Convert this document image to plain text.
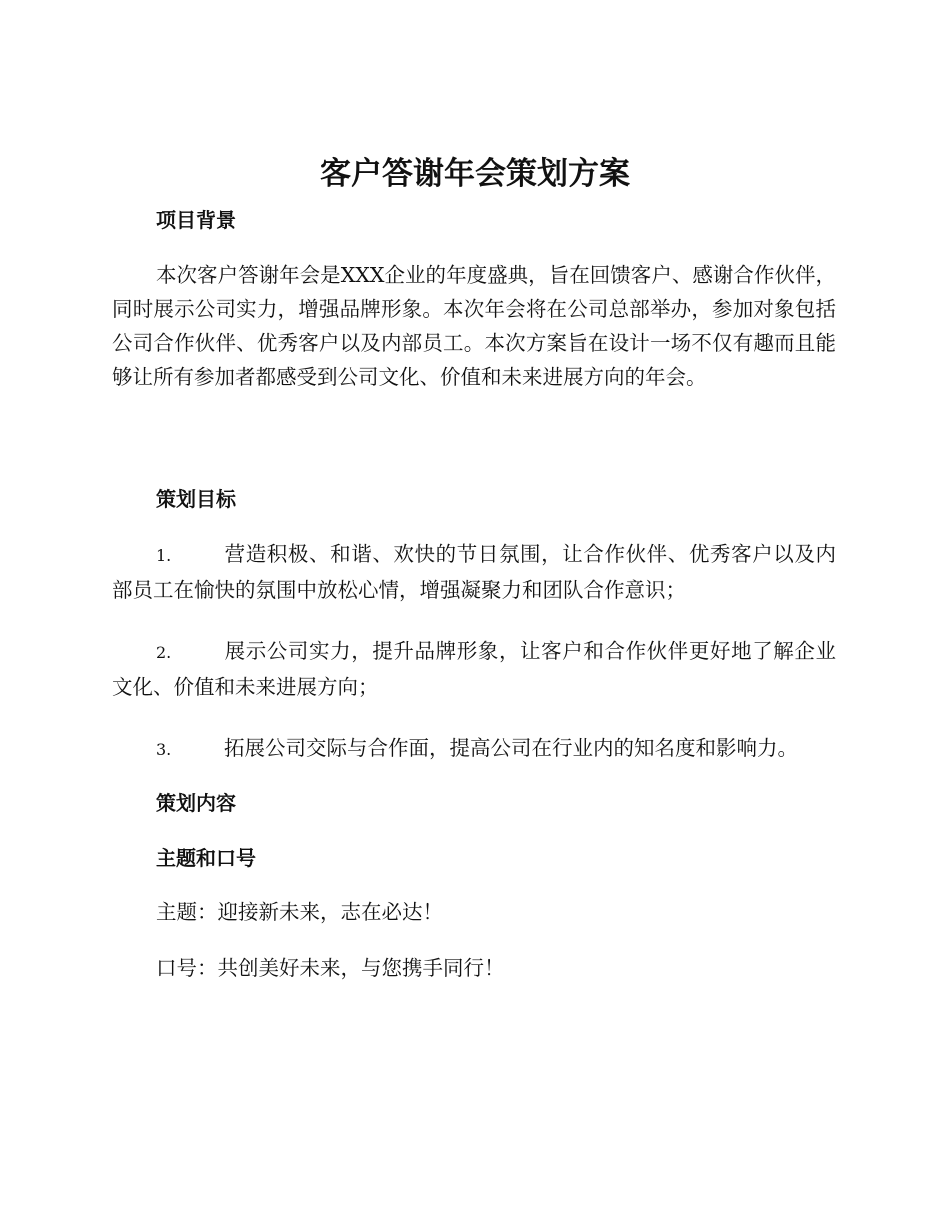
客户答谢年会策划方案
项目背景

本次客户答谢年会是XXX企业的年度盛典，旨在回馈客户、感谢合作伙伴，同时展示公司实力，增强品牌形象。本次年会将在公司总部举办，参加对象包括公司合作伙伴、优秀客户以及内部员工。本次方案旨在设计一场不仅有趣而且能够让所有参加者都感受到公司文化、价值和未来进展方向的年会。

策划目标

1.	营造积极、和谐、欢快的节日氛围，让合作伙伴、优秀客户以及内部员工在愉快的氛围中放松心情，增强凝聚力和团队合作意识；

2.	展示公司实力，提升品牌形象，让客户和合作伙伴更好地了解企业文化、价值和未来进展方向；

3.	拓展公司交际与合作面，提高公司在行业内的知名度和影响力。

策划内容
主题和口号

主题：迎接新未来，志在必达！

口号：共创美好未来，与您携手同行！
